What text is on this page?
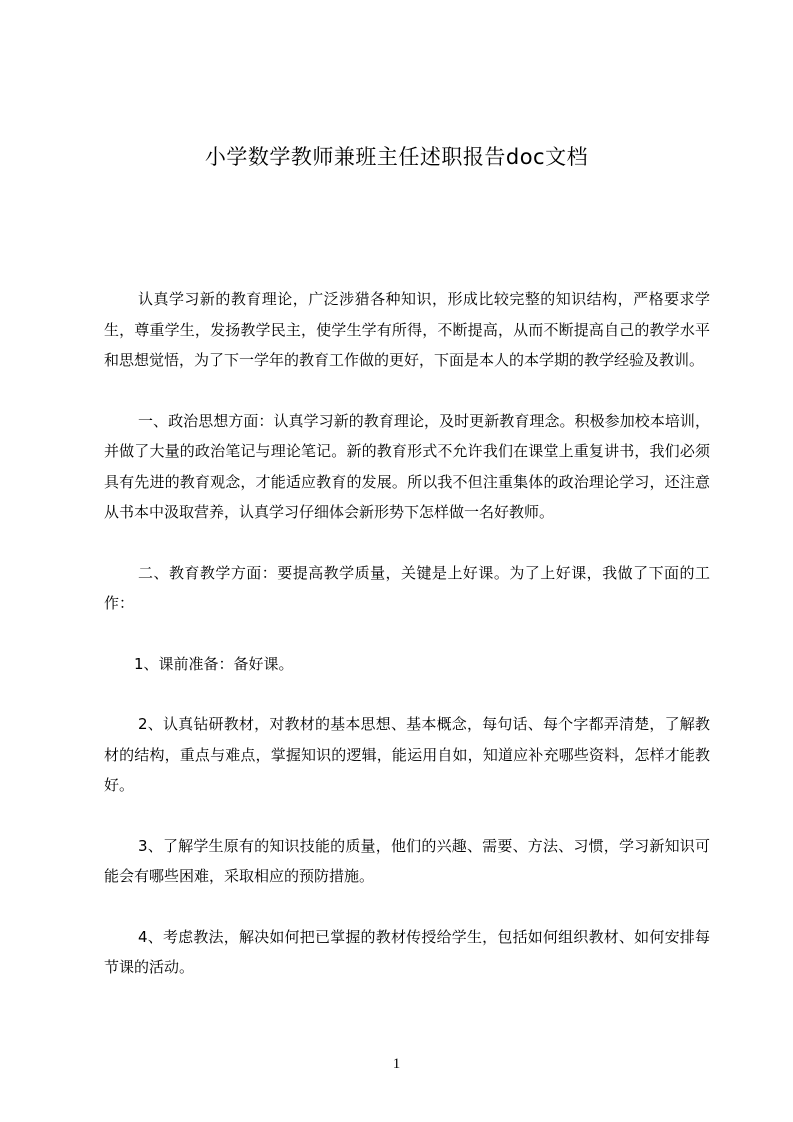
小学数学教师兼班主任述职报告doc文档

认真学习新的教育理论，广泛涉猎各种知识，形成比较完整的知识结构，严格要求学生，尊重学生，发扬教学民主，使学生学有所得，不断提高，从而不断提高自己的教学水平和思想觉悟，为了下一学年的教育工作做的更好，下面是本人的本学期的教学经验及教训。

一、政治思想方面：认真学习新的教育理论，及时更新教育理念。积极参加校本培训，并做了大量的政治笔记与理论笔记。新的教育形式不允许我们在课堂上重复讲书，我们必须具有先进的教育观念，才能适应教育的发展。所以我不但注重集体的政治理论学习，还注意从书本中汲取营养，认真学习仔细体会新形势下怎样做一名好教师。

二、教育教学方面：要提高教学质量，关键是上好课。为了上好课，我做了下面的工作：

1、课前准备：备好课。

2、认真钻研教材，对教材的基本思想、基本概念，每句话、每个字都弄清楚，了解教材的结构，重点与难点，掌握知识的逻辑，能运用自如，知道应补充哪些资料，怎样才能教好。

3、了解学生原有的知识技能的质量，他们的兴趣、需要、方法、习惯，学习新知识可能会有哪些困难，采取相应的预防措施。

4、考虑教法，解决如何把已掌握的教材传授给学生，包括如何组织教材、如何安排每节课的活动。

1
